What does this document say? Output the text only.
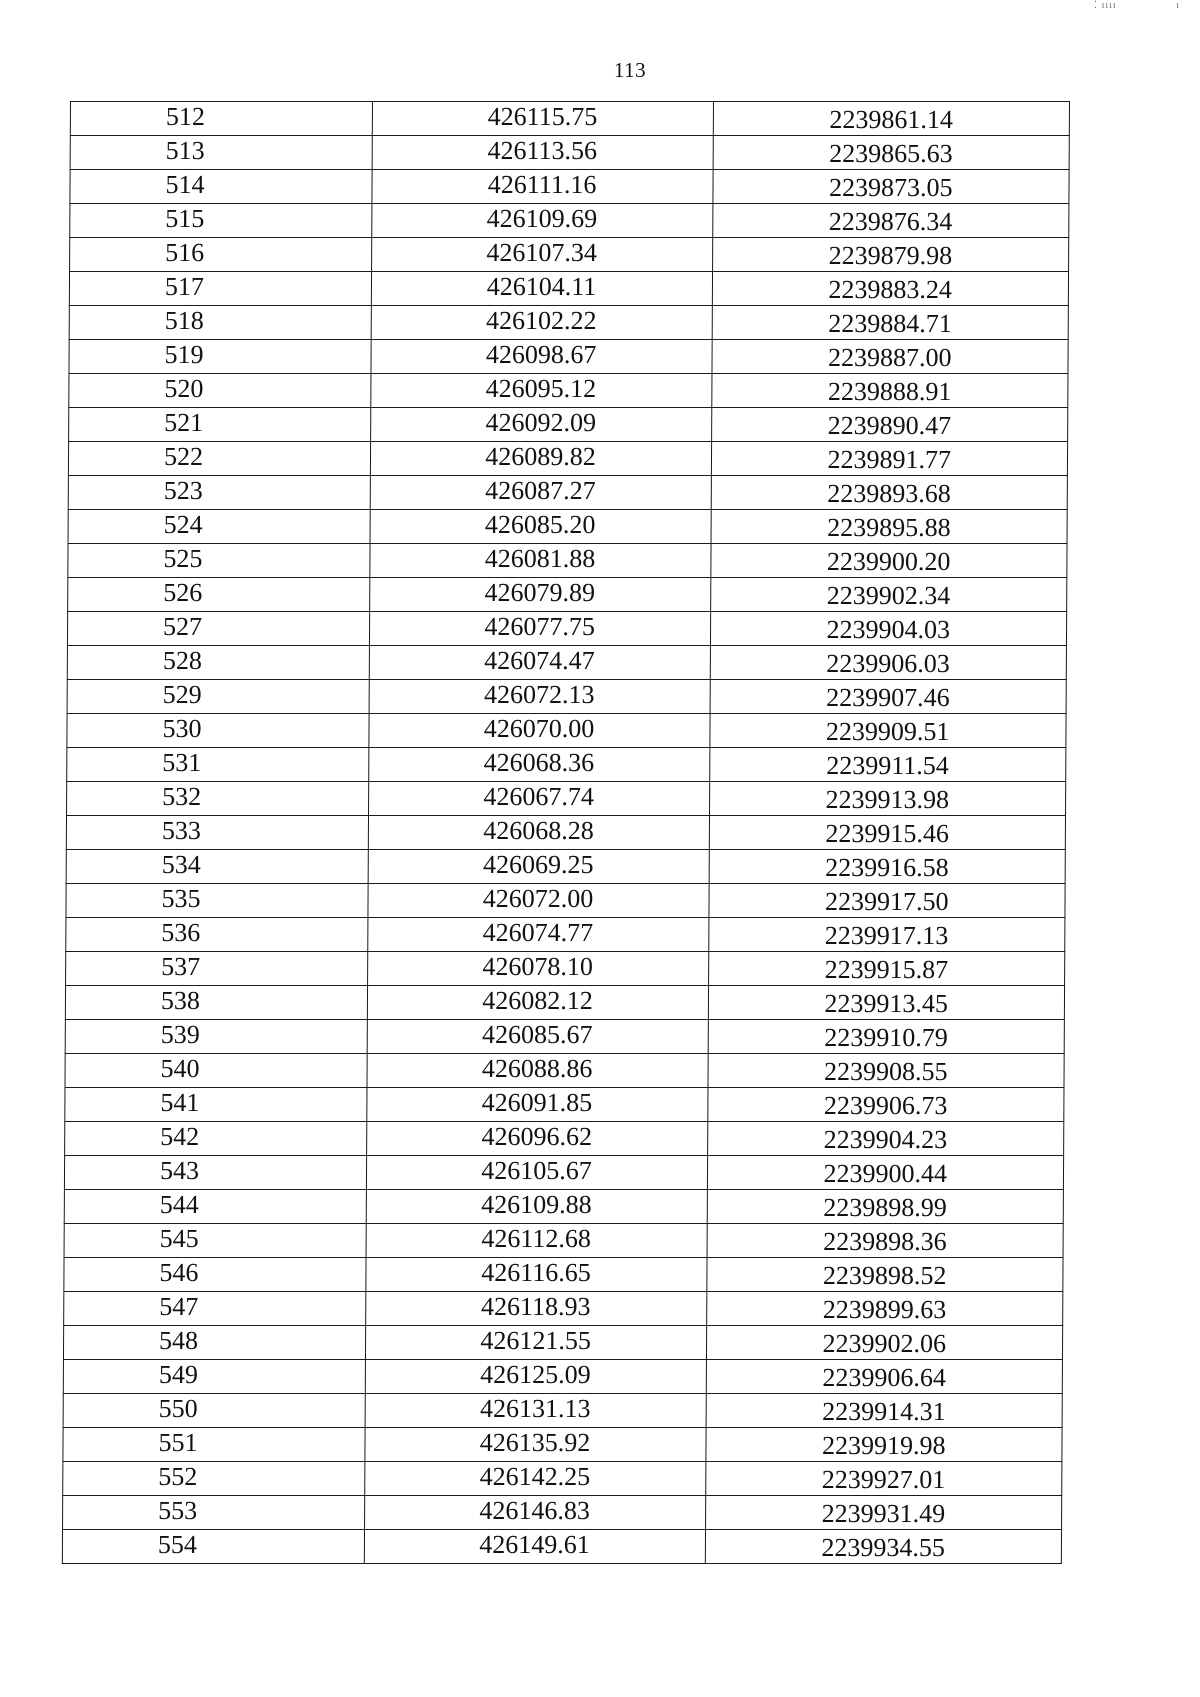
⁚ ıııı                 ı
113
512	426115.75	2239861.14
513	426113.56	2239865.63
514	426111.16	2239873.05
515	426109.69	2239876.34
516	426107.34	2239879.98
517	426104.11	2239883.24
518	426102.22	2239884.71
519	426098.67	2239887.00
520	426095.12	2239888.91
521	426092.09	2239890.47
522	426089.82	2239891.77
523	426087.27	2239893.68
524	426085.20	2239895.88
525	426081.88	2239900.20
526	426079.89	2239902.34
527	426077.75	2239904.03
528	426074.47	2239906.03
529	426072.13	2239907.46
530	426070.00	2239909.51
531	426068.36	2239911.54
532	426067.74	2239913.98
533	426068.28	2239915.46
534	426069.25	2239916.58
535	426072.00	2239917.50
536	426074.77	2239917.13
537	426078.10	2239915.87
538	426082.12	2239913.45
539	426085.67	2239910.79
540	426088.86	2239908.55
541	426091.85	2239906.73
542	426096.62	2239904.23
543	426105.67	2239900.44
544	426109.88	2239898.99
545	426112.68	2239898.36
546	426116.65	2239898.52
547	426118.93	2239899.63
548	426121.55	2239902.06
549	426125.09	2239906.64
550	426131.13	2239914.31
551	426135.92	2239919.98
552	426142.25	2239927.01
553	426146.83	2239931.49
554	426149.61	2239934.55
